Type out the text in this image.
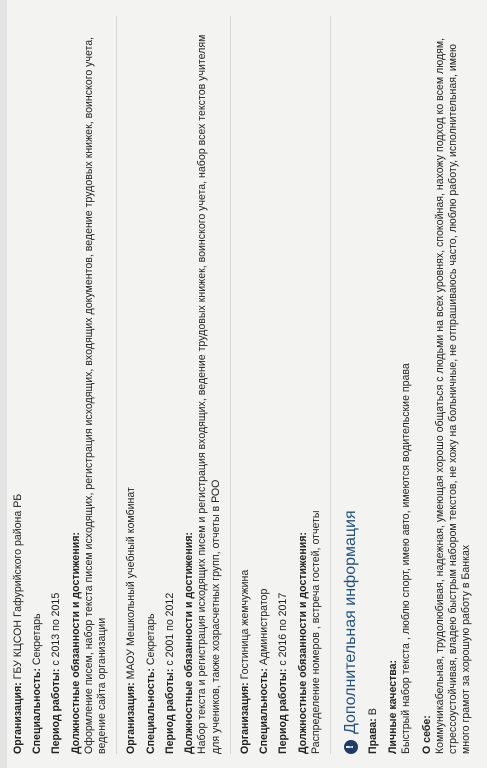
Организация: ГБУ КЦСОН Гафурийского района РБ
Специальность: Секретарь
Период работы: с 2013 по 2015 Должностные обязанности и достижения:
Оформление писем, набор текста писем исходящих, регистрация исходящих, входящих документов, ведение трудовых книжек, воинского учета, ведение сайта организации Организация: МАОУ Мешкольный учебный комбинат
Специальность: Секретарь
Период работы: с 2001 по 2012 Должностные обязанности и достижения:
Набор текста и регистрация исходящих писем и регистрация входящих, ведение трудовых книжек, воинского учета, набор всех текстов учителям для учеников, также хозрасчетных групп, отчеты в РОО Организация: Гостиница жемчужина
Специальность: Администратор
Период работы: с 2016 по 2017 Должностные обязанности и достижения:
Распределение номеров , встреча гостей, отчеты !
Дополнительная информация
Права: B Личные качества: Быстрый набор текста , люблю спорт, имею авто, имеются водительские права О себе: Коммуникабельная, трудолюбивая, надежная, умеющая хорошо общаться с людьми на всех уровнях, спокойная, нахожу подход ко всем людям, стрессоустойчивая, владею быстрым набором текстов, не хожу на больничные, не отпрашиваюсь часто, люблю работу, исполнительная, имею много грамот за хорошую работу в Банках
